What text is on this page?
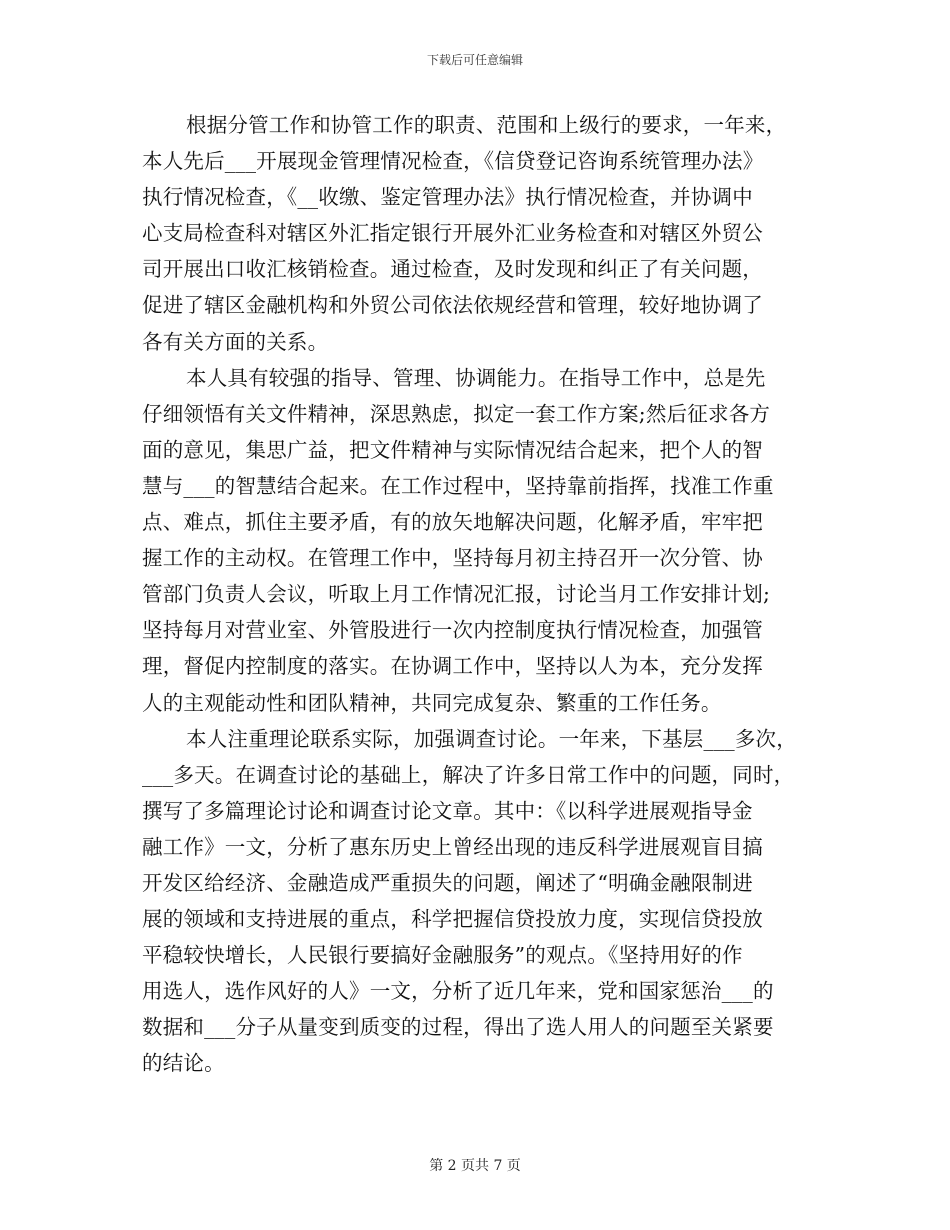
下载后可任意编辑
根据分管工作和协管工作的职责、范围和上级行的要求，一年来，
本人先后___开展现金管理情况检查，《信贷登记咨询系统管理办法》
执行情况检查，《__收缴、鉴定管理办法》执行情况检查，并协调中
心支局检查科对辖区外汇指定银行开展外汇业务检查和对辖区外贸公
司开展出口收汇核销检查。通过检查，及时发现和纠正了有关问题，
促进了辖区金融机构和外贸公司依法依规经营和管理，较好地协调了
各有关方面的关系。
本人具有较强的指导、管理、协调能力。在指导工作中，总是先
仔细领悟有关文件精神，深思熟虑，拟定一套工作方案;然后征求各方
面的意见，集思广益，把文件精神与实际情况结合起来，把个人的智
慧与___的智慧结合起来。在工作过程中，坚持靠前指挥，找准工作重
点、难点，抓住主要矛盾，有的放矢地解决问题，化解矛盾，牢牢把
握工作的主动权。在管理工作中，坚持每月初主持召开一次分管、协
管部门负责人会议，听取上月工作情况汇报，讨论当月工作安排计划;
坚持每月对营业室、外管股进行一次内控制度执行情况检查，加强管
理，督促内控制度的落实。在协调工作中，坚持以人为本，充分发挥
人的主观能动性和团队精神，共同完成复杂、繁重的工作任务。
本人注重理论联系实际，加强调查讨论。一年来，下基层___多次，
___多天。在调查讨论的基础上，解决了许多日常工作中的问题，同时，
撰写了多篇理论讨论和调查讨论文章。其中：《以科学进展观指导金
融工作》一文，分析了惠东历史上曾经出现的违反科学进展观盲目搞
开发区给经济、金融造成严重损失的问题，阐述了“明确金融限制进
展的领域和支持进展的重点，科学把握信贷投放力度，实现信贷投放
平稳较快增长，人民银行要搞好金融服务”的观点。《坚持用好的作
用选人，选作风好的人》一文，分析了近几年来，党和国家惩治___的
数据和___分子从量变到质变的过程，得出了选人用人的问题至关紧要
的结论。
第 2 页共 7 页
